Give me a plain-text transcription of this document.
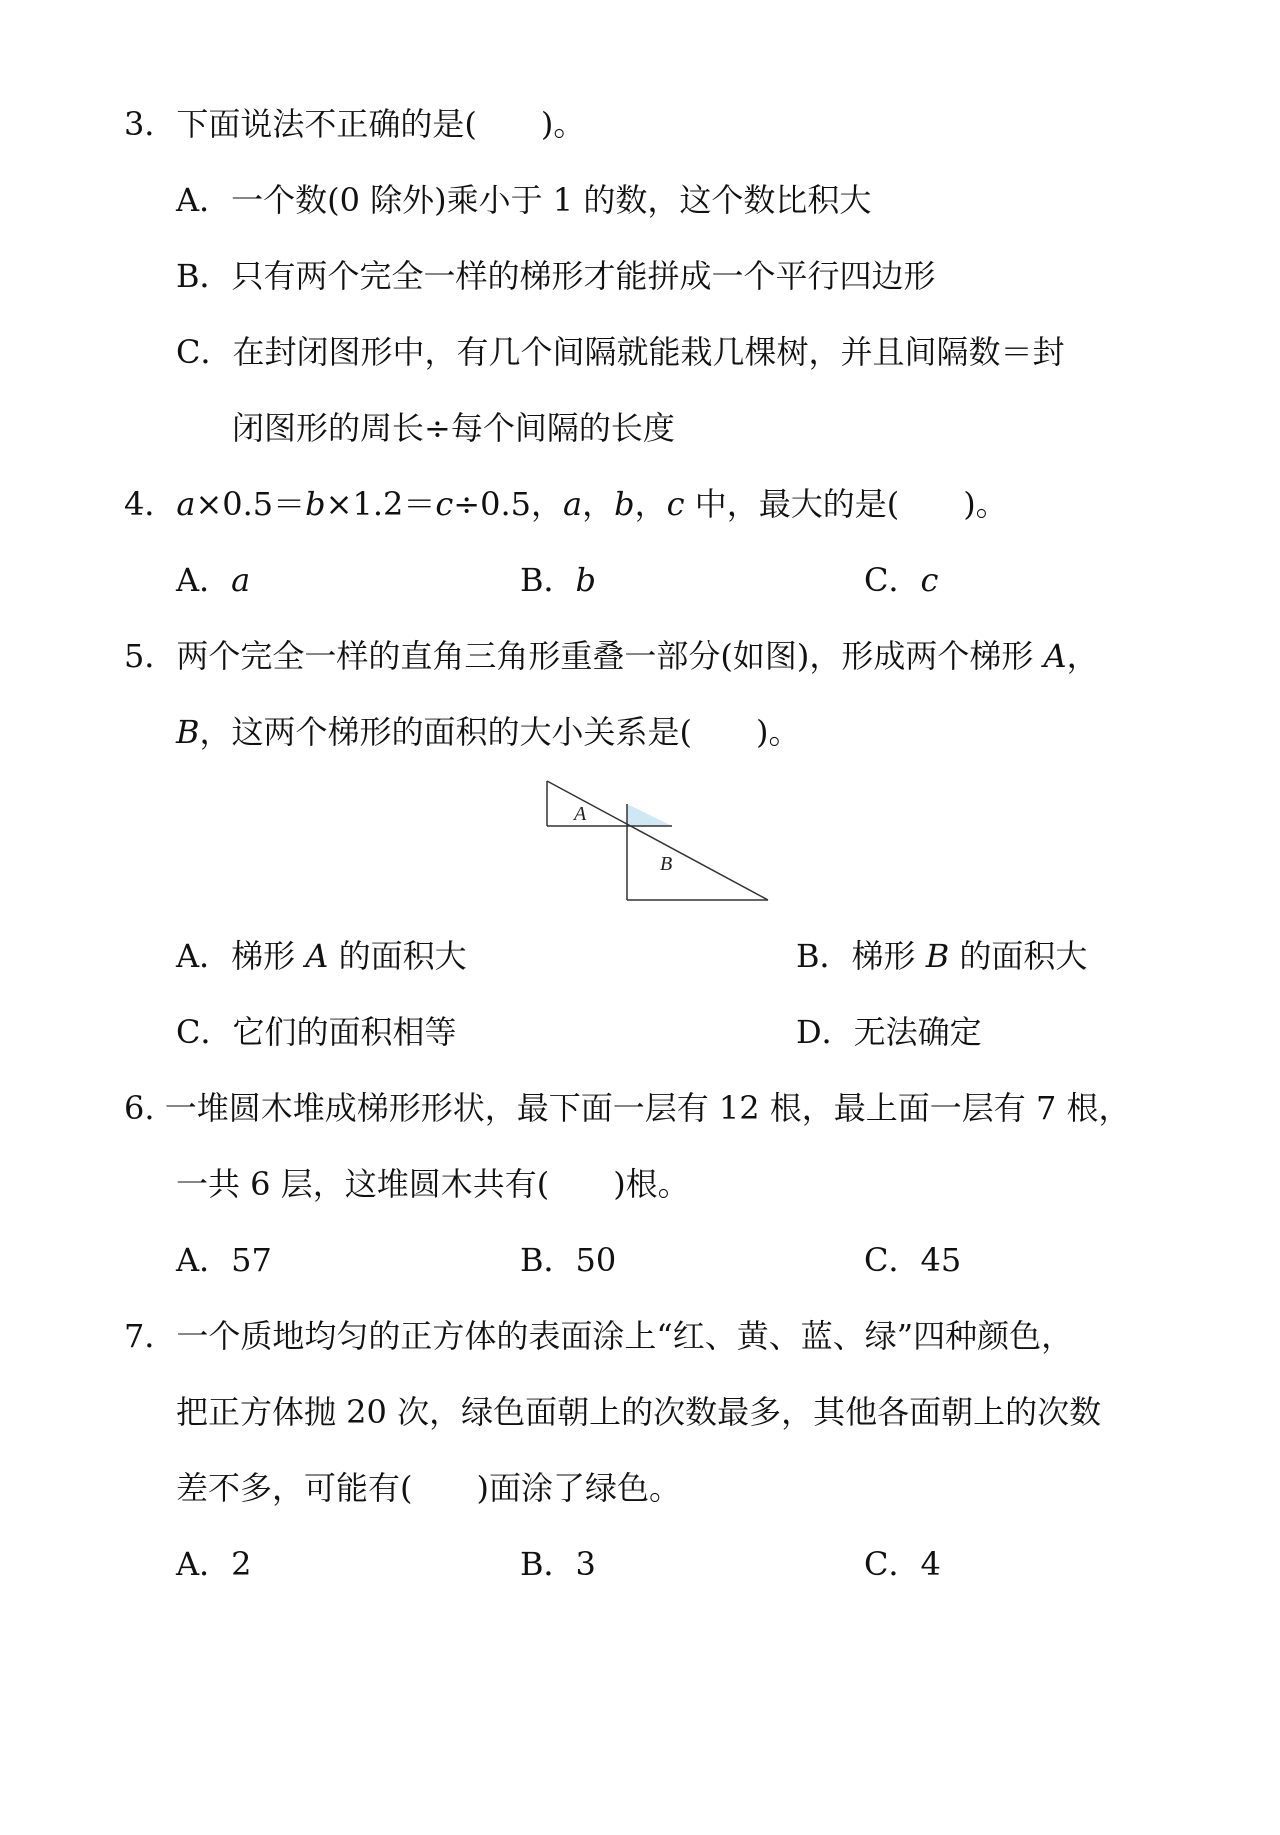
3．下面说法不正确的是(　　)。
A．一个数(0 除外)乘小于 1 的数，这个数比积大
B．只有两个完全一样的梯形才能拼成一个平行四边形
C．在封闭图形中，有几个间隔就能栽几棵树，并且间隔数＝封
闭图形的周长÷每个间隔的长度
4．a×0.5＝b×1.2＝c÷0.5，a，b，c 中，最大的是(　　)。
A．a	B．b	C．c
5．两个完全一样的直角三角形重叠一部分(如图)，形成两个梯形 A，
B，这两个梯形的面积的大小关系是(　　)。
A
B
A．梯形 A 的面积大	B．梯形 B 的面积大
C．它们的面积相等	D．无法确定
6. 一堆圆木堆成梯形形状，最下面一层有 12 根，最上面一层有 7 根，
一共 6 层，这堆圆木共有(　　)根。
A．57	B．50	C．45
7．一个质地均匀的正方体的表面涂上“红、黄、蓝、绿”四种颜色，
把正方体抛 20 次，绿色面朝上的次数最多，其他各面朝上的次数
差不多，可能有(　　)面涂了绿色。
A．2	B．3	C．4
